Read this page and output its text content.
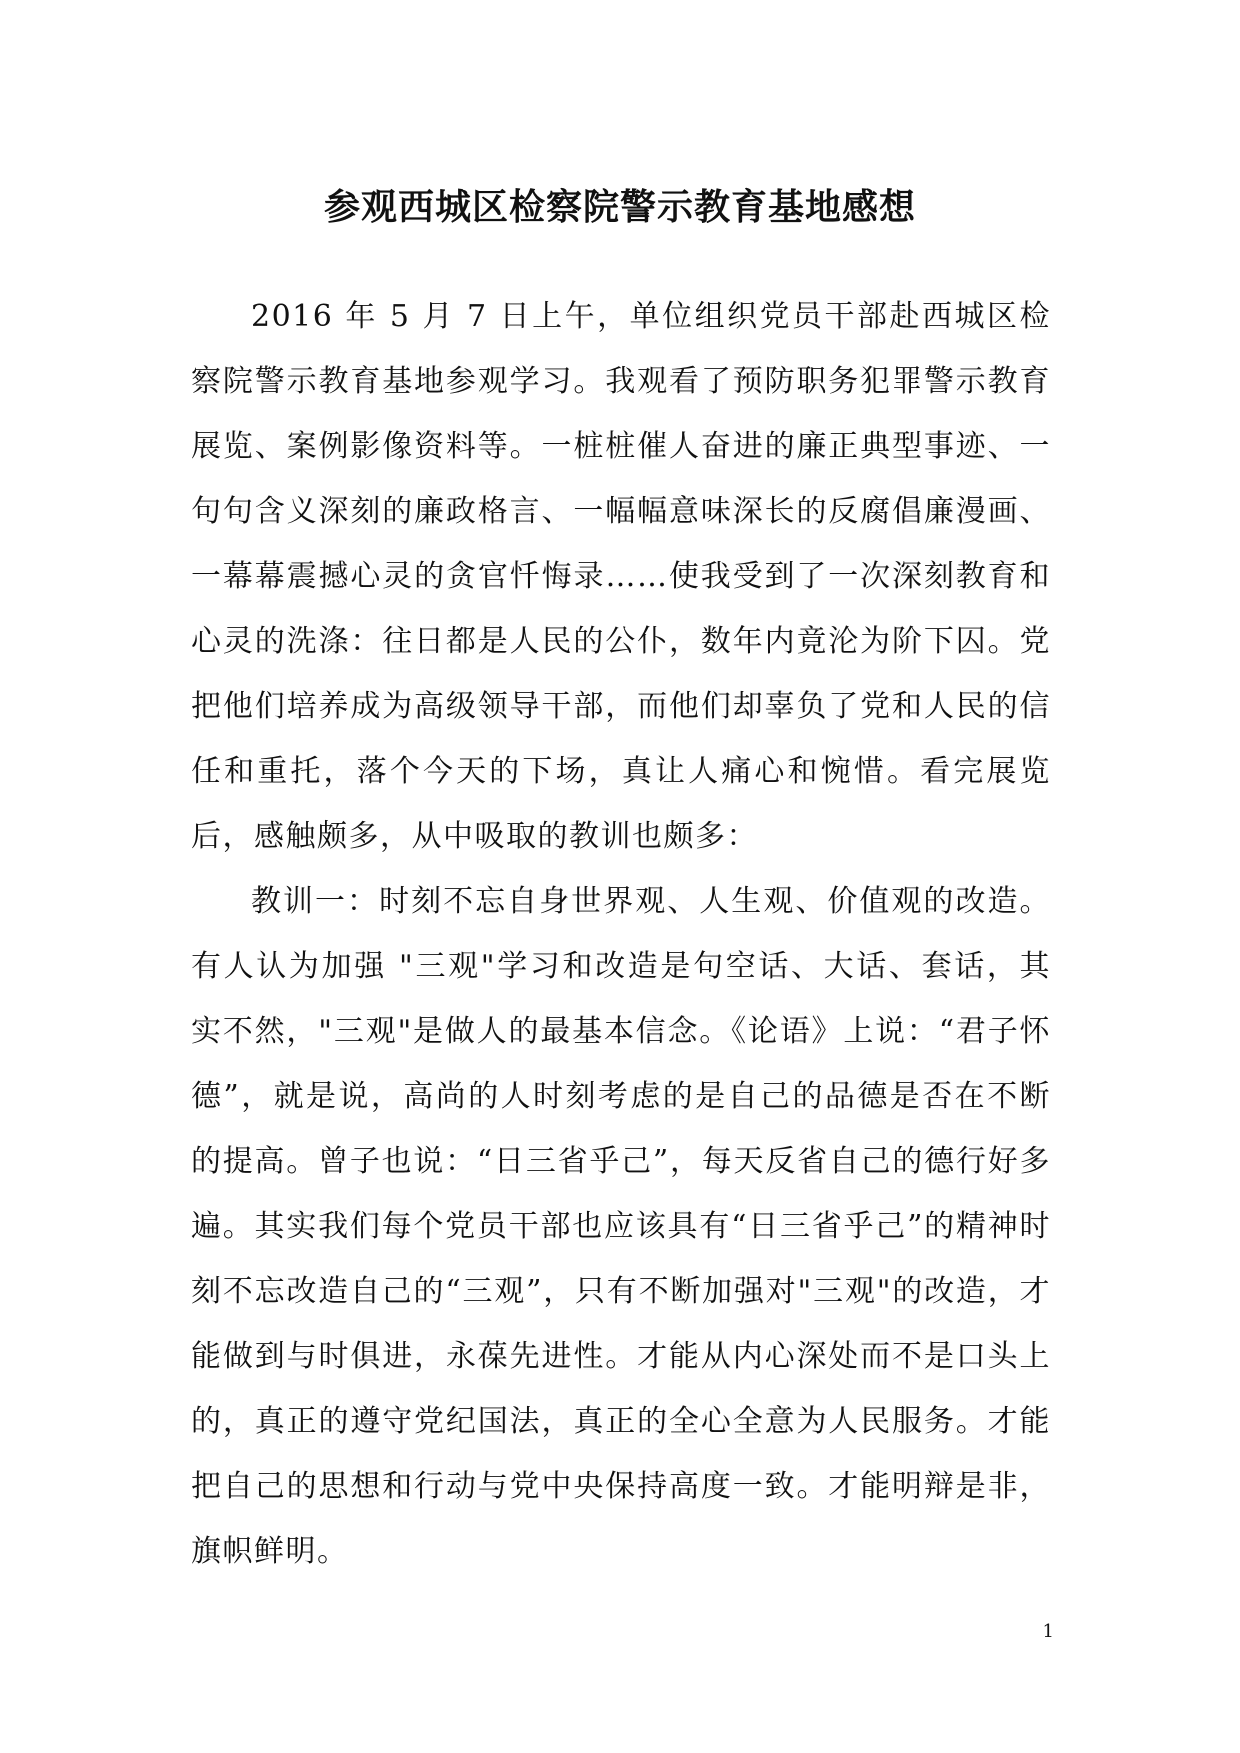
参观西城区检察院警示教育基地感想

2016 年 5 月 7 日上午，单位组织党员干部赴西城区检察院警示教育基地参观学习。我观看了预防职务犯罪警示教育展览、案例影像资料等。一桩桩催人奋进的廉正典型事迹、一句句含义深刻的廉政格言、一幅幅意味深长的反腐倡廉漫画、一幕幕震撼心灵的贪官忏悔录……使我受到了一次深刻教育和心灵的洗涤：往日都是人民的公仆，数年内竟沦为阶下囚。党把他们培养成为高级领导干部，而他们却辜负了党和人民的信任和重托，落个今天的下场，真让人痛心和惋惜。看完展览后，感触颇多，从中吸取的教训也颇多：

教训一：时刻不忘自身世界观、人生观、价值观的改造。有人认为加强 "三观"学习和改造是句空话、大话、套话，其实不然，"三观"是做人的最基本信念。《论语》上说：“君子怀德”，就是说，高尚的人时刻考虑的是自己的品德是否在不断的提高。曾子也说：“日三省乎己”，每天反省自己的德行好多遍。其实我们每个党员干部也应该具有“日三省乎己”的精神时刻不忘改造自己的“三观”，只有不断加强对"三观"的改造，才能做到与时俱进，永葆先进性。才能从内心深处而不是口头上的，真正的遵守党纪国法，真正的全心全意为人民服务。才能把自己的思想和行动与党中央保持高度一致。才能明辩是非，旗帜鲜明。

1
